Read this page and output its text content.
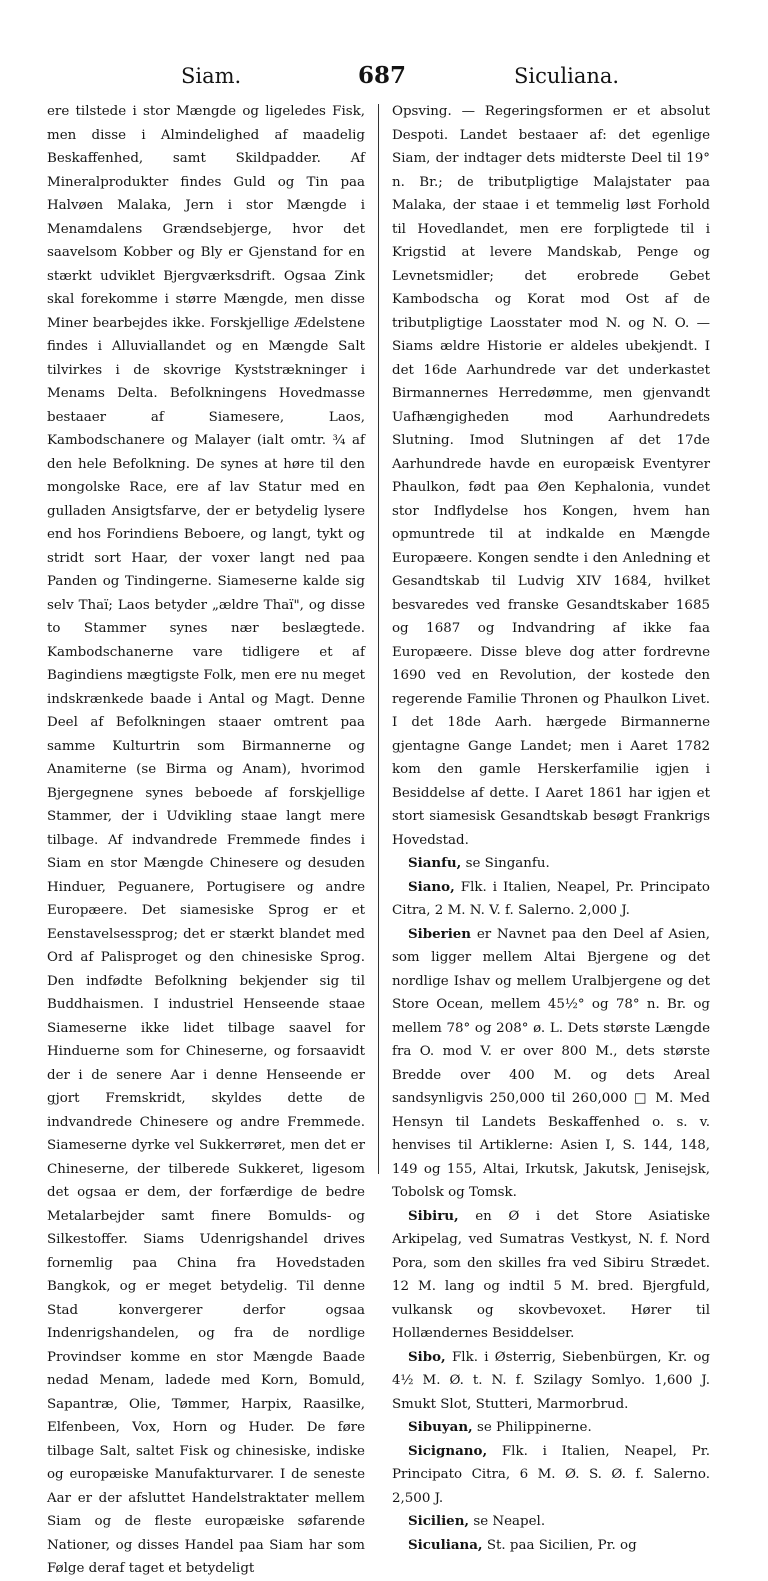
Siam.	687	Siculiana.

ere tilstede i stor Mængde og ligeledes Fisk, men disse i Almindelighed af maadelig Beskaffenhed, samt Skildpadder. Af Mineralprodukter findes Guld og Tin paa Halvøen Malaka, Jern i stor Mængde i Menamdalens Grændsebjerge, hvor det saavelsom Kobber og Bly er Gjenstand for en stærkt udviklet Bjergværksdrift. Ogsaa Zink skal forekomme i større Mængde, men disse Miner bearbejdes ikke. Forskjellige Ædelstene findes i Alluviallandet og en Mængde Salt tilvirkes i de skovrige Kyststrækninger i Menams Delta. Befolkningens Hovedmasse bestaaer af Siamesere, Laos, Kambodschanere og Malayer (ialt omtr. ¾ af den hele Befolkning. De synes at høre til den mongolske Race, ere af lav Statur med en gulladen Ansigtsfarve, der er betydelig lysere end hos Forindiens Beboere, og langt, tykt og stridt sort Haar, der voxer langt ned paa Panden og Tindingerne. Siameserne kalde sig selv Thaï; Laos betyder „ældre Thaï", og disse to Stammer synes nær beslægtede. Kambodschanerne vare tidligere et af Bagindiens mægtigste Folk, men ere nu meget indskrænkede baade i Antal og Magt. Denne Deel af Befolkningen staaer omtrent paa samme Kulturtrin som Birmannerne og Anamiterne (se Birma og Anam), hvorimod Bjergegnene synes beboede af forskjellige Stammer, der i Udvikling staae langt mere tilbage. Af indvandrede Fremmede findes i Siam en stor Mængde Chinesere og desuden Hinduer, Peguanere, Portugisere og andre Europæere. Det siamesiske Sprog er et Eenstavelsessprog; det er stærkt blandet med Ord af Palisproget og den chinesiske Sprog. Den indfødte Befolkning bekjender sig til Buddhaismen. I industriel Henseende staae Siameserne ikke lidet tilbage saavel for Hinduerne som for Chineserne, og forsaavidt der i de senere Aar i denne Henseende er gjort Fremskridt, skyldes dette de indvandrede Chinesere og andre Fremmede. Siameserne dyrke vel Sukkerrøret, men det er Chineserne, der tilberede Sukkeret, ligesom det ogsaa er dem, der forfærdige de bedre Metalarbejder samt finere Bomulds- og Silkestoffer. Siams Udenrigshandel drives fornemlig paa China fra Hovedstaden Bangkok, og er meget betydelig. Til denne Stad konvergerer derfor ogsaa Indenrigshandelen, og fra de nordlige Provindser komme en stor Mængde Baade nedad Menam, ladede med Korn, Bomuld, Sapantræ, Olie, Tømmer, Harpix, Raasilke, Elfenbeen, Vox, Horn og Huder. De føre tilbage Salt, saltet Fisk og chinesiske, indiske og europæiske Manufakturvarer. I de seneste Aar er der afsluttet Handelstraktater mellem Siam og de fleste europæiske søfarende Nationer, og disses Handel paa Siam har som Følge deraf taget et betydeligt

Opsving. — Regeringsformen er et absolut Despoti. Landet bestaaer af: det egenlige Siam, der indtager dets midterste Deel til 19° n. Br.; de tributpligtige Malajstater paa Malaka, der staae i et temmelig løst Forhold til Hovedlandet, men ere forpligtede til i Krigstid at levere Mandskab, Penge og Levnetsmidler; det erobrede Gebet Kambodscha og Korat mod Ost af de tributpligtige Laosstater mod N. og N. O. — Siams ældre Historie er aldeles ubekjendt. I det 16de Aarhundrede var det underkastet Birmannernes Herredømme, men gjenvandt Uafhængigheden mod Aarhundredets Slutning. Imod Slutningen af det 17de Aarhundrede havde en europæisk Eventyrer Phaulkon, født paa Øen Kephalonia, vundet stor Indflydelse hos Kongen, hvem han opmuntrede til at indkalde en Mængde Europæere. Kongen sendte i den Anledning et Gesandtskab til Ludvig XIV 1684, hvilket besvaredes ved franske Gesandtskaber 1685 og 1687 og Indvandring af ikke faa Europæere. Disse bleve dog atter fordrevne 1690 ved en Revolution, der kostede den regerende Familie Thronen og Phaulkon Livet. I det 18de Aarh. hærgede Birmannerne gjentagne Gange Landet; men i Aaret 1782 kom den gamle Herskerfamilie igjen i Besiddelse af dette. I Aaret 1861 har igjen et stort siamesisk Gesandtskab besøgt Frankrigs Hovedstad.

Sianfu, se Singanfu.

Siano, Flk. i Italien, Neapel, Pr. Principato Citra, 2 M. N. V. f. Salerno. 2,000 J.

Siberien er Navnet paa den Deel af Asien, som ligger mellem Altai Bjergene og det nordlige Ishav og mellem Uralbjergene og det Store Ocean, mellem 45½° og 78° n. Br. og mellem 78° og 208° ø. L. Dets største Længde fra O. mod V. er over 800 M., dets største Bredde over 400 M. og dets Areal sandsynligvis 250,000 til 260,000 □ M. Med Hensyn til Landets Beskaffenhed o. s. v. henvises til Artiklerne: Asien I, S. 144, 148, 149 og 155, Altai, Irkutsk, Jakutsk, Jenisejsk, Tobolsk og Tomsk.

Sibiru, en Ø i det Store Asiatiske Arkipelag, ved Sumatras Vestkyst, N. f. Nord Pora, som den skilles fra ved Sibiru Strædet. 12 M. lang og indtil 5 M. bred. Bjergfuld, vulkansk og skovbevoxet. Hører til Hollændernes Besiddelser.

Sibo, Flk. i Østerrig, Siebenbürgen, Kr. og 4½ M. Ø. t. N. f. Szilagy Somlyo. 1,600 J. Smukt Slot, Stutteri, Marmorbrud.

Sibuyan, se Philippinerne.

Sicignano, Flk. i Italien, Neapel, Pr. Principato Citra, 6 M. Ø. S. Ø. f. Salerno. 2,500 J.

Sicilien, se Neapel.

Siculiana, St. paa Sicilien, Pr. og
